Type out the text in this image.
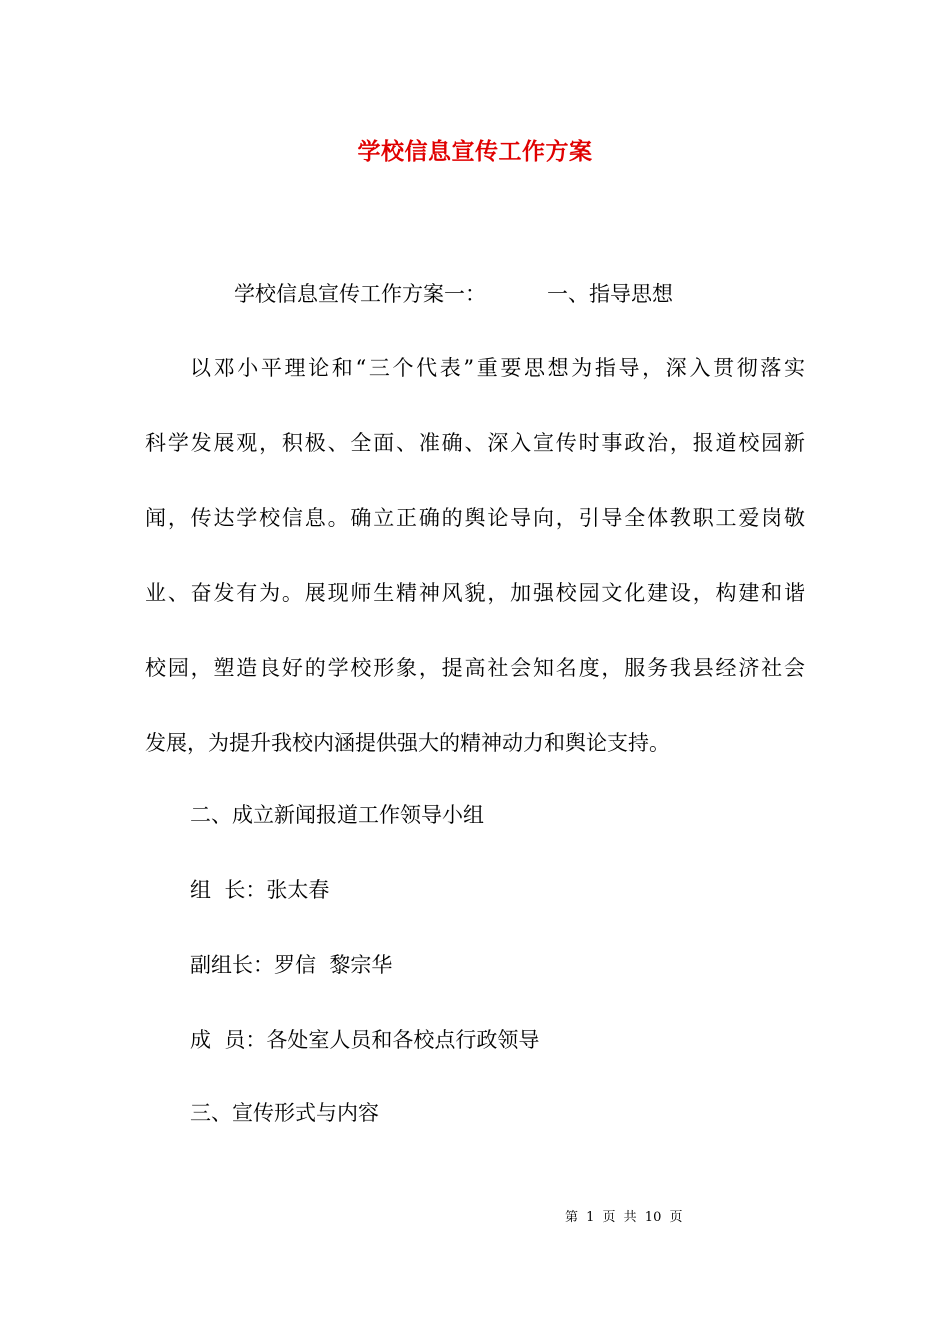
学校信息宣传工作方案
学校信息宣传工作方案一：	一、指导思想
以邓小平理论和“三个代表”重要思想为指导，深入贯彻落实
科学发展观，积极、全面、准确、深入宣传时事政治，报道校园新
闻，传达学校信息。确立正确的舆论导向，引导全体教职工爱岗敬
业、奋发有为。展现师生精神风貌，加强校园文化建设，构建和谐
校园，塑造良好的学校形象，提高社会知名度，服务我县经济社会
发展，为提升我校内涵提供强大的精神动力和舆论支持。
二、成立新闻报道工作领导小组
组  长：张太春
副组长：罗信  黎宗华
成  员：各处室人员和各校点行政领导
三、宣传形式与内容
第 1 页 共 10 页
